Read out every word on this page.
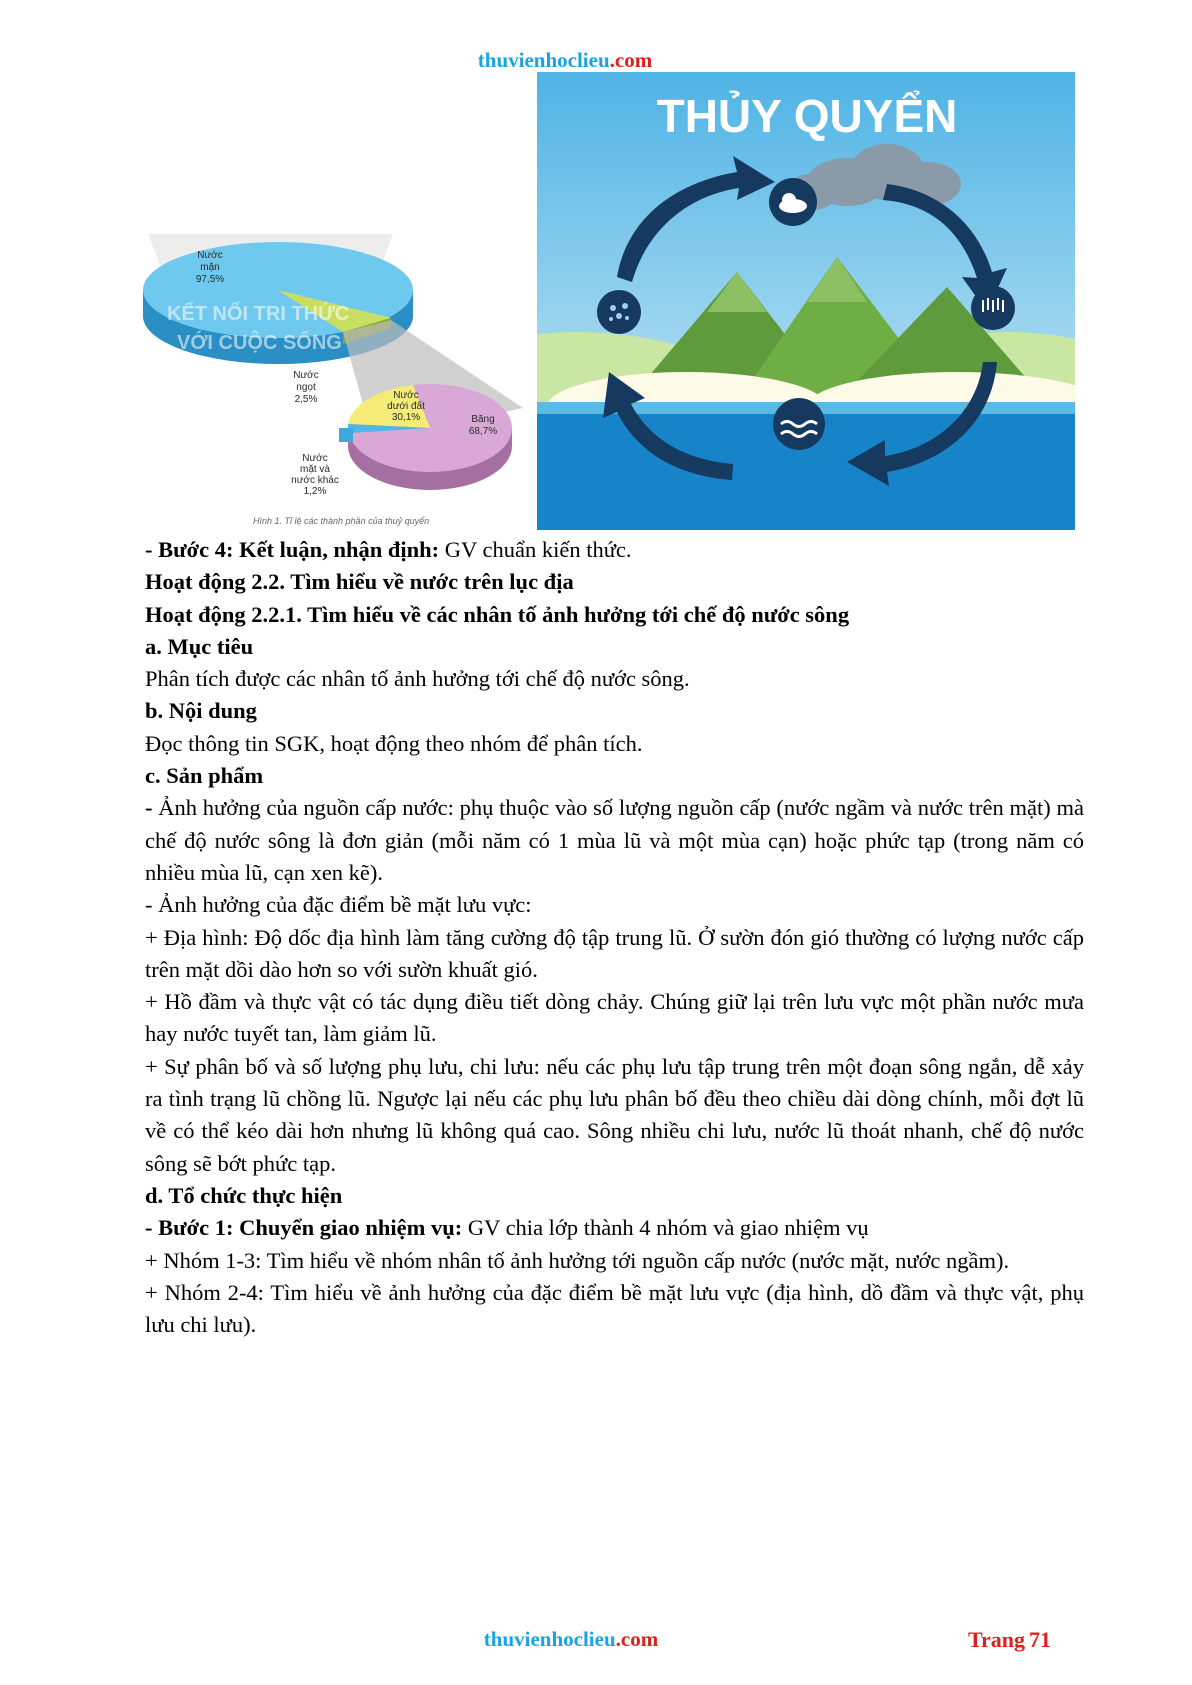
thuvienhoclieu.com
Nước mặn 97,5%
Nước ngọt 2,5%	Nước dưới đất 30,1%	Băng 68,7%
Nước mặt và nước khác 1,2%
KẾT NỐI TRI THỨC
VỚI CUỘC SỐNG
Hình 1. Tỉ lệ các thành phần của thuỷ quyển
THỦY QUYỂN

- Bước 4: Kết luận, nhận định: GV chuẩn kiến thức.

Hoạt động 2.2. Tìm hiểu về nước trên lục địa

Hoạt động 2.2.1. Tìm hiểu về các nhân tố ảnh hưởng tới chế độ nước sông

a. Mục tiêu

Phân tích được các nhân tố ảnh hưởng tới chế độ nước sông.

b. Nội dung

Đọc thông tin SGK, hoạt động theo nhóm để phân tích.

c. Sản phẩm

- Ảnh hưởng của nguồn cấp nước: phụ thuộc vào số lượng nguồn cấp (nước ngầm và nước trên mặt) mà chế độ nước sông là đơn giản (mỗi năm có 1 mùa lũ và một mùa cạn) hoặc phức tạp (trong năm có nhiều mùa lũ, cạn xen kẽ).

- Ảnh hưởng của đặc điểm bề mặt lưu vực:

+ Địa hình: Độ dốc địa hình làm tăng cường độ tập trung lũ. Ở sườn đón gió thường có lượng nước cấp trên mặt dồi dào hơn so với sườn khuất gió.

+ Hồ đầm và thực vật có tác dụng điều tiết dòng chảy. Chúng giữ lại trên lưu vực một phần nước mưa hay nước tuyết tan, làm giảm lũ.

+ Sự phân bố và số lượng phụ lưu, chi lưu: nếu các phụ lưu tập trung trên một đoạn sông ngắn, dễ xảy ra tình trạng lũ chồng lũ. Ngược lại nếu các phụ lưu phân bố đều theo chiều dài dòng chính, mỗi đợt lũ về có thể kéo dài hơn nhưng lũ không quá cao. Sông nhiều chi lưu, nước lũ thoát nhanh, chế độ nước sông sẽ bớt phức tạp.

d. Tổ chức thực hiện

- Bước 1: Chuyển giao nhiệm vụ: GV chia lớp thành 4 nhóm và giao nhiệm vụ

+ Nhóm 1-3: Tìm hiểu về nhóm nhân tố ảnh hưởng tới nguồn cấp nước (nước mặt, nước ngầm).

+ Nhóm 2-4: Tìm hiểu về ảnh hưởng của đặc điểm bề mặt lưu vực (địa hình, dồ đầm và thực vật, phụ lưu chi lưu).

thuvienhoclieu.com	Trang 71
